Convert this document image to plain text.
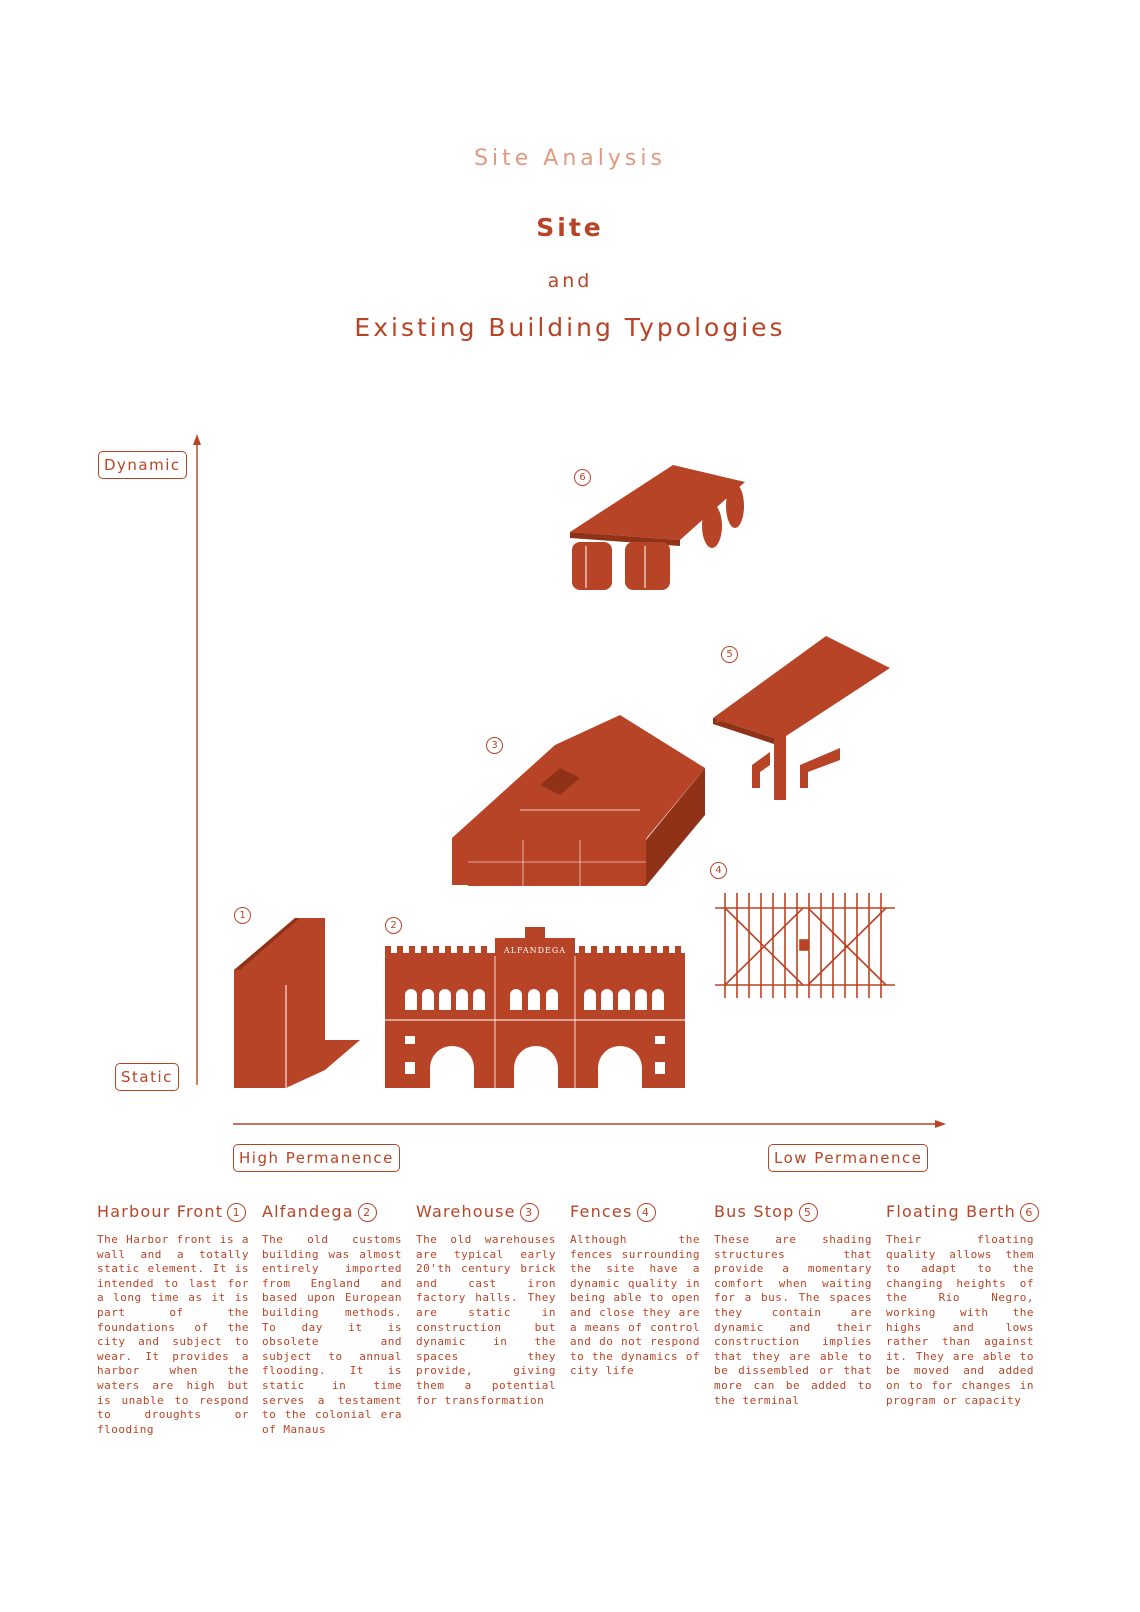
Site Analysis
Site
and
Existing Building Typologies
ALFANDEGA
1
2
3
4
5
6
Dynamic
Static
High Permanence	Low Permanence
Harbour Front 1
The Harbor front is a wall and a totally static element. It is intended to last for a long time as it is part of the foundations of the city and subject to wear. It provides a harbor when the waters are high but is unable to respond to droughts or flooding
Alfandega 2
The old customs building was almost entirely imported from England and based upon European building methods. To day it is obsolete and subject to annual flooding. It is static in time serves a testament to the colonial era of Manaus
Warehouse 3
The old warehouses are typical early 20'th century brick and cast iron factory halls. They are static in construction but dynamic in the spaces they provide, giving them a potential for transformation
Fences 4
Although the fences surrounding the site have a dynamic quality in being able to open and close they are a means of control and do not respond to the dynamics of city life
Bus Stop 5
These are shading structures that provide a momentary comfort when waiting for a bus. The spaces they contain are dynamic and their construction implies that they are able to be dissembled or that more can be added to the terminal
Floating Berth 6
Their floating quality allows them to adapt to the changing heights of the Rio Negro, working with the highs and lows rather than against it. They are able to be moved and added on to for changes in program or capacity
